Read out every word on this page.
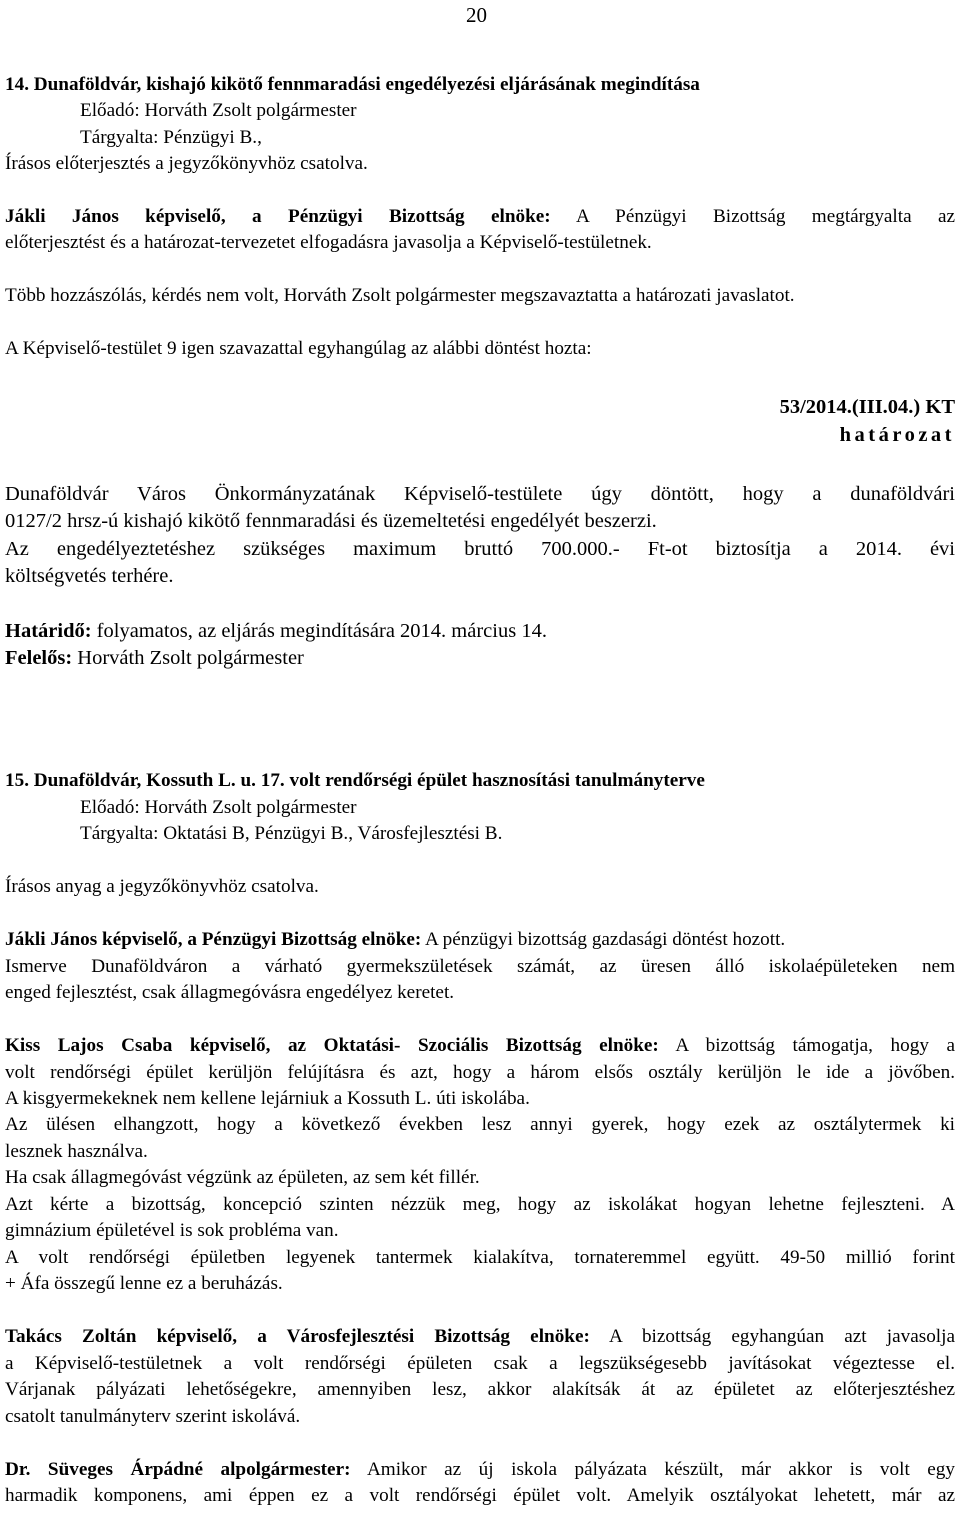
20
14. Dunaföldvár, kishajó kikötő fennmaradási engedélyezési eljárásának megindítása
Előadó: Horváth Zsolt polgármester
Tárgyalta: Pénzügyi B.,
Írásos előterjesztés a jegyzőkönyvhöz csatolva.
Jákli János képviselő, a Pénzügyi Bizottság elnöke: A Pénzügyi Bizottság megtárgyalta az
előterjesztést és a határozat-tervezetet elfogadásra javasolja a Képviselő-testületnek.
Több hozzászólás, kérdés nem volt, Horváth Zsolt polgármester megszavaztatta a határozati javaslatot.
A Képviselő-testület 9 igen szavazattal egyhangúlag az alábbi döntést hozta:
53/2014.(III.04.) KT
határozat
Dunaföldvár Város Önkormányzatának Képviselő-testülete úgy döntött, hogy a dunaföldvári
0127/2 hrsz-ú kishajó kikötő fennmaradási és üzemeltetési engedélyét beszerzi.
Az engedélyeztetéshez szükséges maximum bruttó 700.000.- Ft-ot biztosítja a 2014. évi
költségvetés terhére.
Határidő: folyamatos, az eljárás megindítására 2014. március 14.
Felelős: Horváth Zsolt polgármester
15. Dunaföldvár, Kossuth L. u. 17. volt rendőrségi épület hasznosítási tanulmányterve
Előadó: Horváth Zsolt polgármester
Tárgyalta: Oktatási B, Pénzügyi B., Városfejlesztési B.
Írásos anyag a jegyzőkönyvhöz csatolva.
Jákli János képviselő, a Pénzügyi Bizottság elnöke: A pénzügyi bizottság gazdasági döntést hozott.
Ismerve Dunaföldváron a várható gyermekszületések számát, az üresen álló iskolaépületeken nem
enged fejlesztést, csak állagmegóvásra engedélyez keretet.
Kiss Lajos Csaba képviselő, az Oktatási- Szociális Bizottság elnöke: A bizottság támogatja, hogy a
volt rendőrségi épület kerüljön felújításra és azt, hogy a három elsős osztály kerüljön le ide a jövőben.
A kisgyermekeknek nem kellene lejárniuk a Kossuth L. úti iskolába.
Az ülésen elhangzott, hogy a következő években lesz annyi gyerek, hogy ezek az osztálytermek ki
lesznek használva.
Ha csak állagmegóvást végzünk az épületen, az sem két fillér.
Azt kérte a bizottság, koncepció szinten nézzük meg, hogy az iskolákat hogyan lehetne fejleszteni. A
gimnázium épületével is sok probléma van.
A volt rendőrségi épületben legyenek tantermek kialakítva, tornateremmel együtt. 49-50 millió forint
+ Áfa összegű lenne ez a beruházás.
Takács Zoltán képviselő, a Városfejlesztési Bizottság elnöke: A bizottság egyhangúan azt javasolja
a Képviselő-testületnek a volt rendőrségi épületen csak a legszükségesebb javításokat végeztesse el.
Várjanak pályázati lehetőségekre, amennyiben lesz, akkor alakítsák át az épületet az előterjesztéshez
csatolt tanulmányterv szerint iskolává.
Dr. Süveges Árpádné alpolgármester: Amikor az új iskola pályázata készült, már akkor is volt egy
harmadik komponens, ami éppen ez a volt rendőrségi épület volt. Amelyik osztályokat lehetett, már az
